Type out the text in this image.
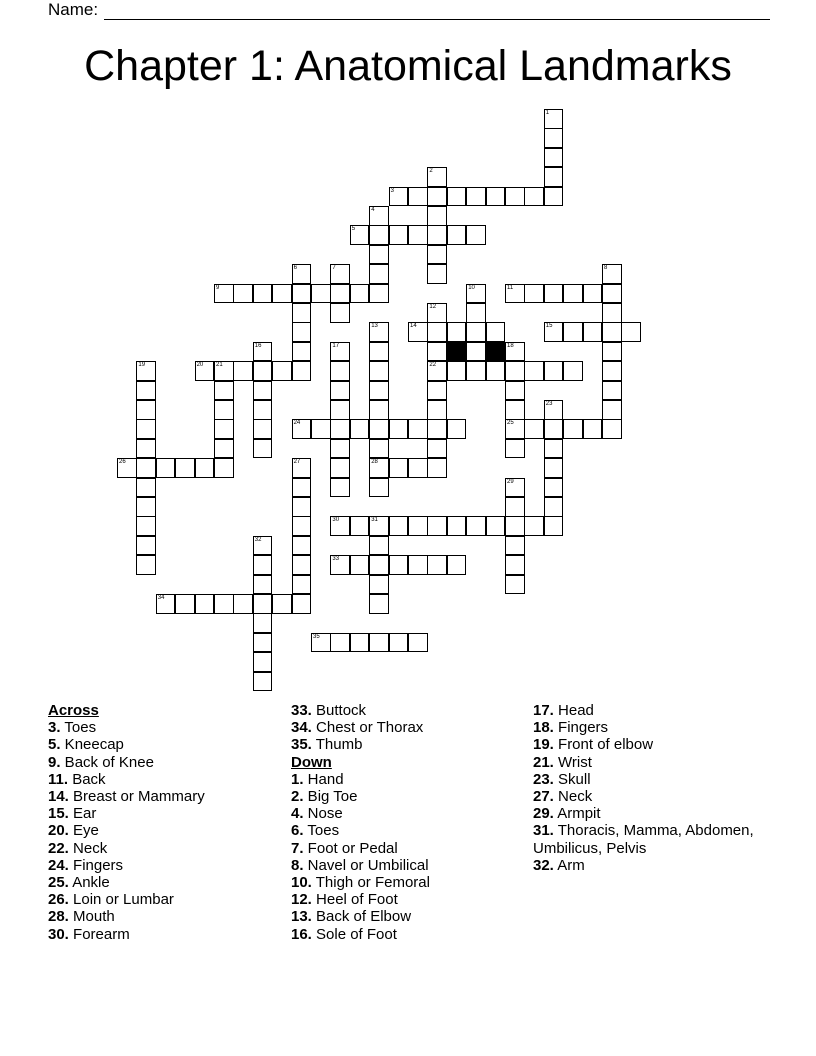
Name:
Chapter 1: Anatomical Landmarks
1
2
3
4
5
6	7	8
9	10	11
12
22
13
28
14	15
16	17	18
25
19	20 21
23
24
26	27
29
30	31
32
33
34
35
Across
3. Toes
5. Kneecap
9. Back of Knee
11. Back
14. Breast or Mammary
15. Ear
20. Eye
22. Neck
24. Fingers
25. Ankle
26. Loin or Lumbar
28. Mouth
30. Forearm
33. Buttock
34. Chest or Thorax
35. Thumb
Down
1. Hand
2. Big Toe
4. Nose
6. Toes
7. Foot or Pedal
8. Navel or Umbilical
10. Thigh or Femoral
12. Heel of Foot
13. Back of Elbow
16. Sole of Foot
17. Head
18. Fingers
19. Front of elbow
21. Wrist
23. Skull
27. Neck
29. Armpit
31. Thoracis, Mamma, Abdomen, Umbilicus, Pelvis
32. Arm
